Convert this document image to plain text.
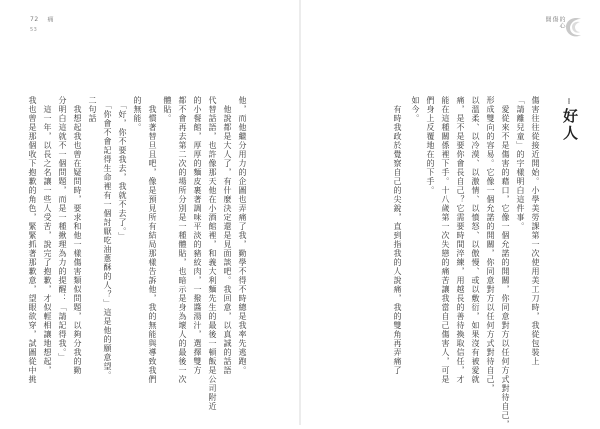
72 痛
53
他，而他繼分用力的企圖也弄痛了我，勤學不得不時總是我率先逃跑。
　他說都是大人了，有什麼決定還是見面談吧。我回意，以真誠的話語
代替話語，也許像那天他在小酒館裡，和義大利麵先生的最後一頓飯是公司附近
的小餐館，厚厚的麵皮裹著調味平淡的豬絞肉，一撥醬湯汁，選擇雙方
都不會再去第二次的場所分別是一種體貼，也暗示是身為壞人的最後一次
體貼。
　我慣著替旦且吧，像是預見所有結局那樣告訴他，我的無能與導致我們
的無能。
　「好，你不要我去，我就不去了。」
　「你會不會記得生命裡有一個討厭吃油蔥酥的人？」這是他的願意望。
二句話
　我想起我也曾在疑問時，要求和他一樣傷害類似問題，以夠分我的勤
分明白這就不一個問題，而是一種揪理為力的提醒：「請記得我。」
　這一年，以長之名讓一些人受苦，說完了抱歉，才似輕相讓地想起，
我也曾是那個收下抱歉的角色，緊緊抓著那歉意，望眼欲穿，試圖從中挑
開 傷 的心
好人
傷害往往從接近開始。小學美勞課第一次使用美工刀時，我從包裝上
「請離兒童」的字樣明白這件事。
　愛從來不是傷害的藉口，它像一個允諾的開關，你同意對方以任何方式對待自己，
形成雙向的容易。它像一個允諾的開關，你同意對方以任何方式對待自己，
以溫柔、以冷漠、以激情、以憤怒、以傲慢、或以敷衍，如果沒有被愛就
痛，是不是要你會長自己？它需要時間淬練，用越長的善待換取信任，才
能在這種關係裡下手。十八歲第一次失戀的痛苦讓我當自己傷害人，可是
們身上反覆地在的下手。
如今。
　有時我政於覺察自己的尖銳，直到指我的人說痛，我的雙角再弄痛了
